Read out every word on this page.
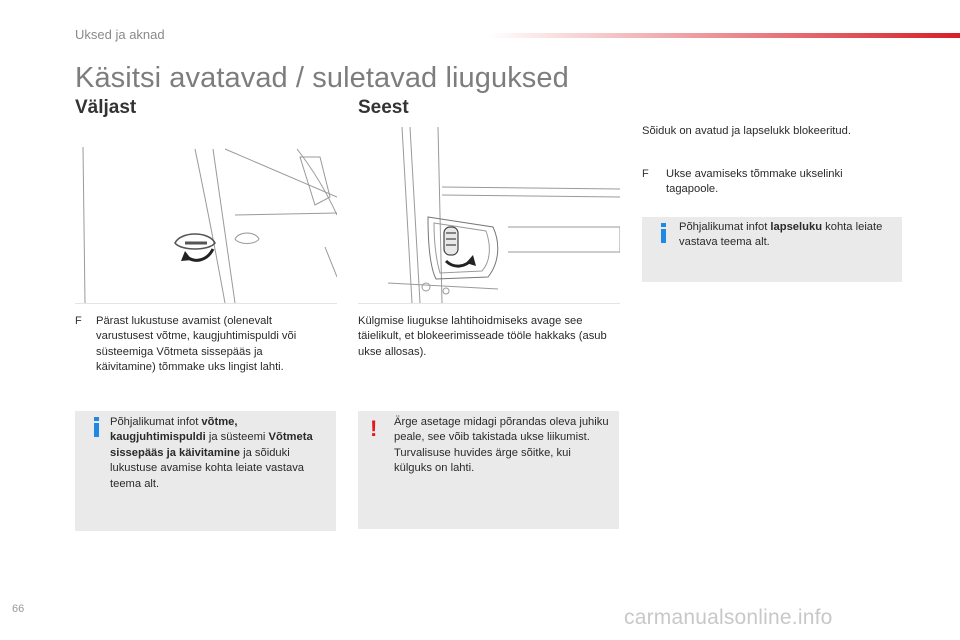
Uksed ja aknad
Käsitsi avatavad / suletavad liuguksed
Väljast
F	Pärast lukustuse avamist (olenevalt varustusest võtme, kaugjuhtimispuldi või süsteemiga Võtmeta sissepääs ja käivitamine) tõmmake uks lingist lahti.
Põhjalikumat infot võtme, kaugjuhtimispuldi ja süsteemi Võtmeta sissepääs ja käivitamine ja sõiduki lukustuse avamise kohta leiate vastava teema alt.
Seest
Külgmise liugukse lahtihoidmiseks avage see täielikult, et blokeerimisseade tööle hakkaks (asub ukse allosas).
! Ärge asetage midagi põrandas oleva juhiku peale, see võib takistada ukse liikumist.
Turvalisuse huvides ärge sõitke, kui külguks on lahti.
Sõiduk on avatud ja lapselukk blokeeritud.
F	Ukse avamiseks tõmmake ukselinki tagapoole.
Põhjalikumat infot lapseluku kohta leiate vastava teema alt.
66	carmanualsonline.info
